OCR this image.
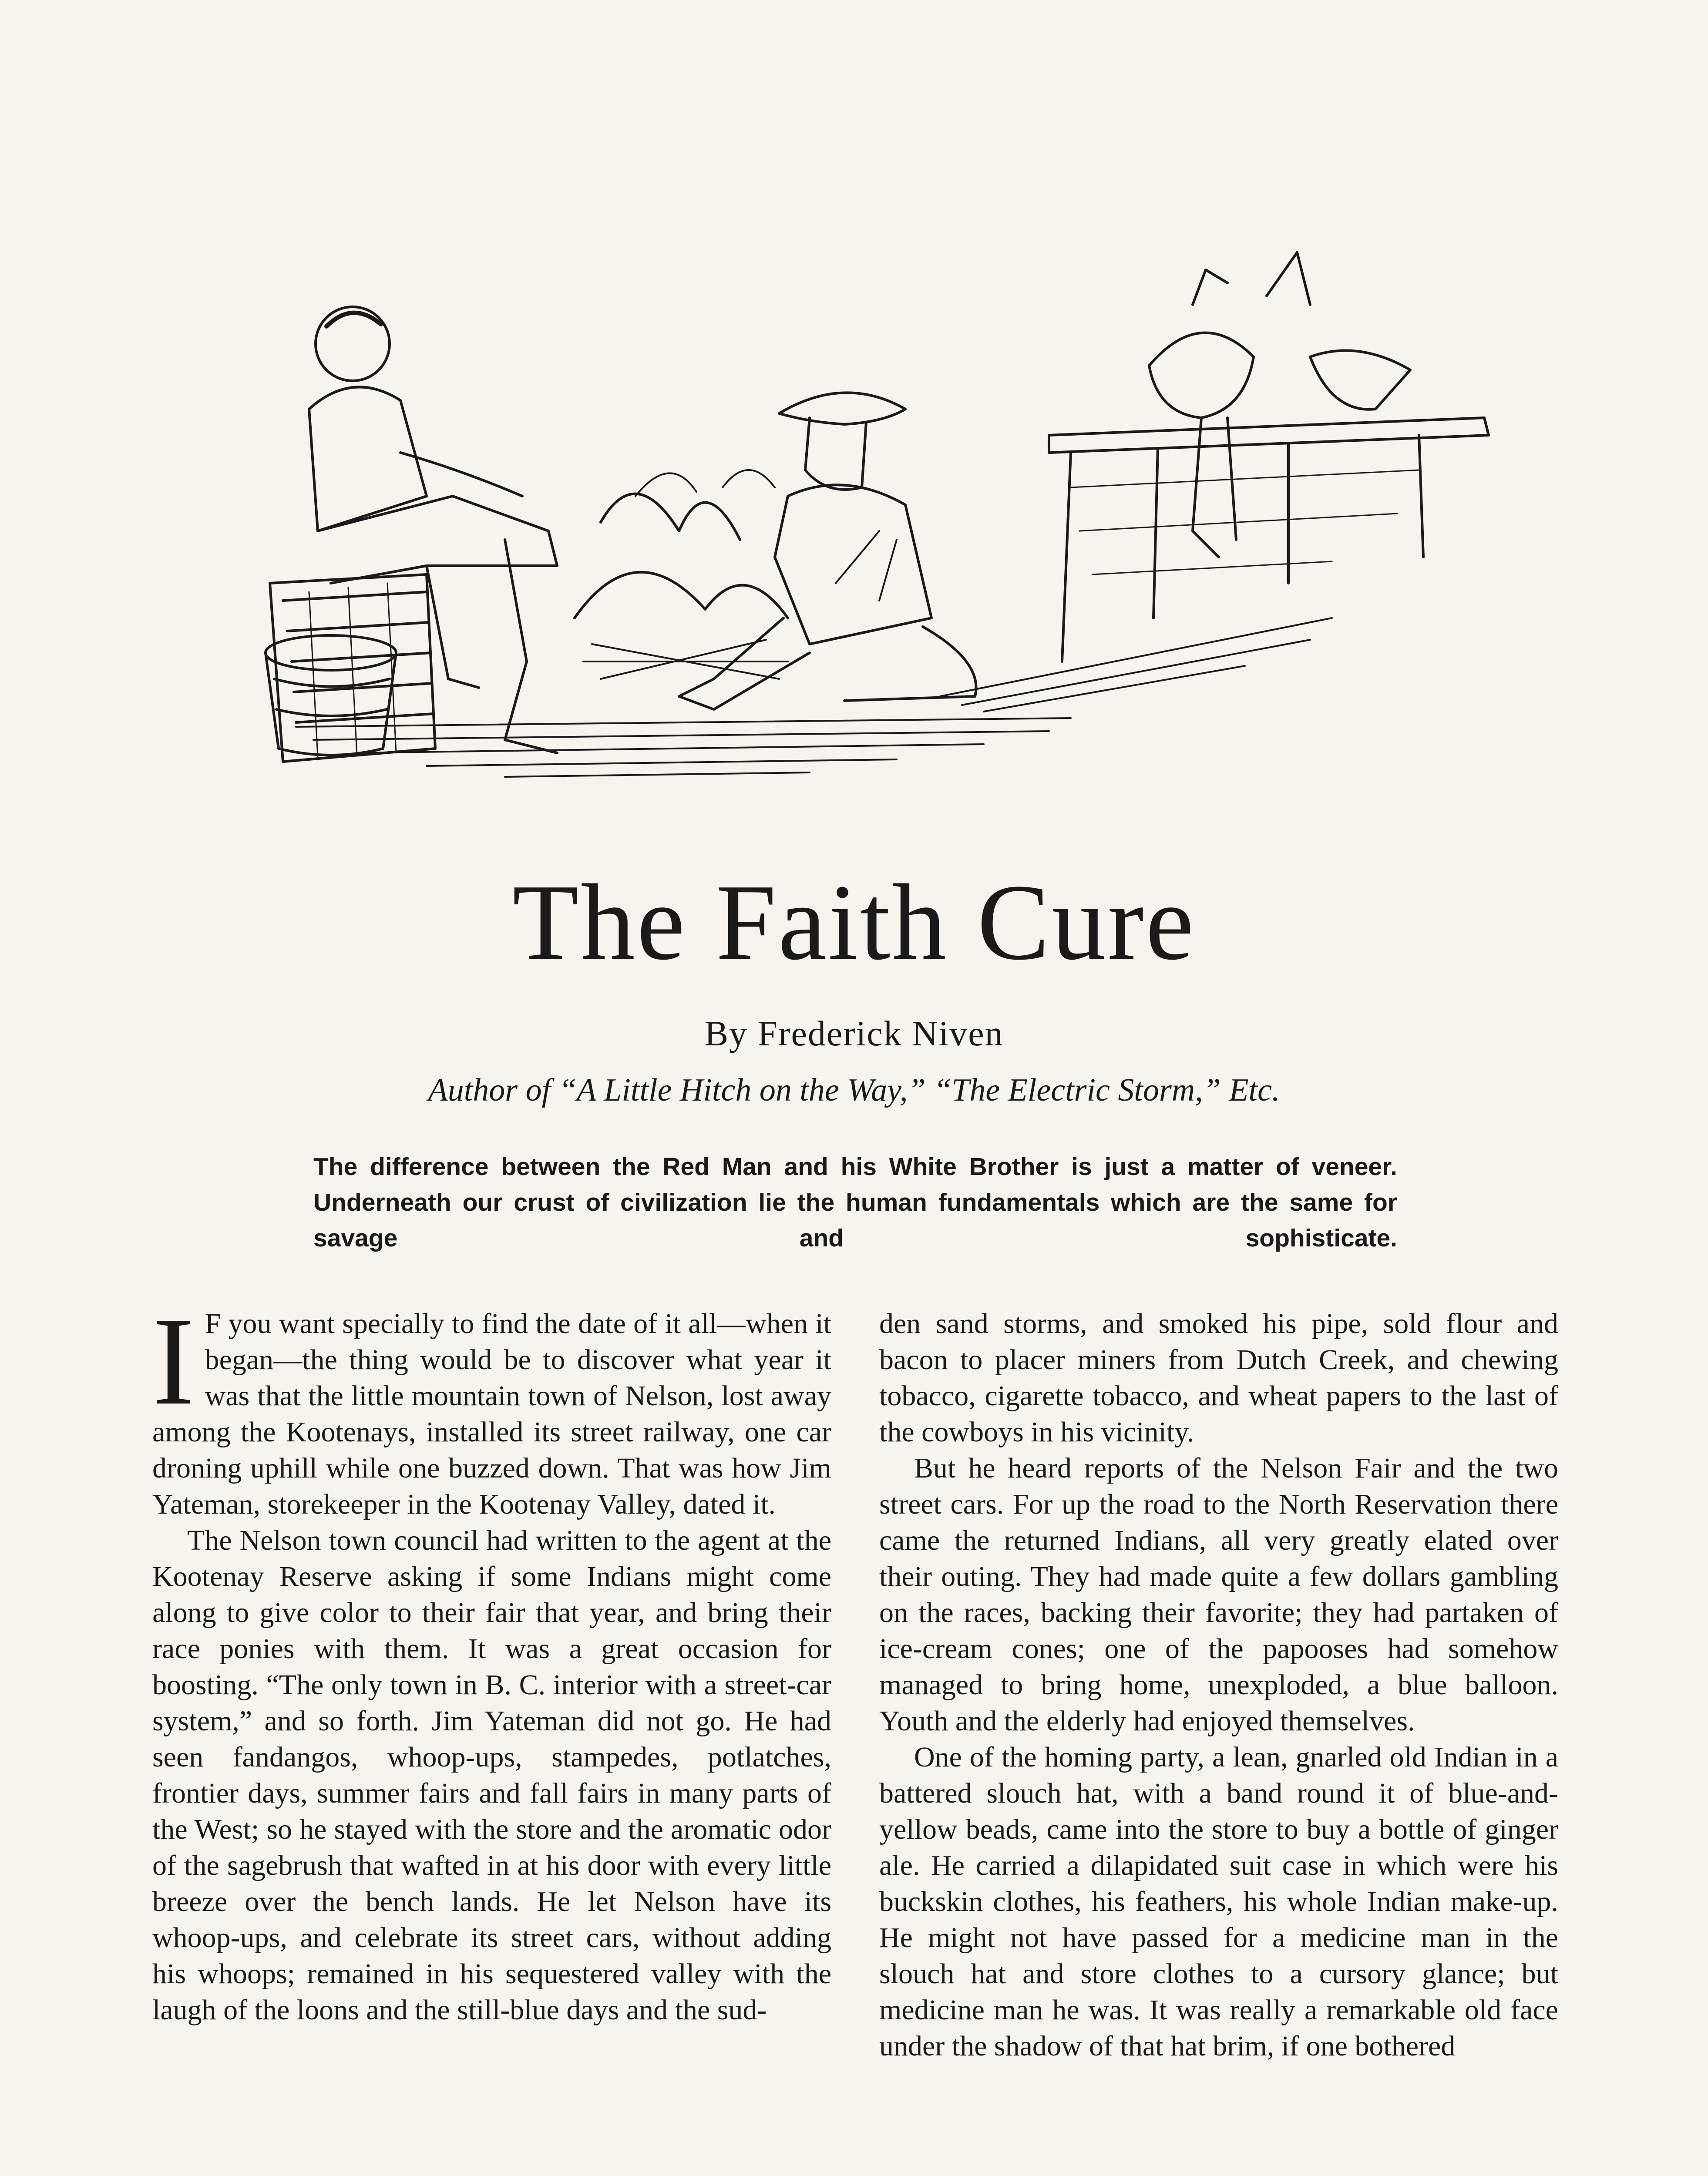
The Faith Cure
By Frederick Niven
Author of “A Little Hitch on the Way,” “The Electric Storm,” Etc.
The difference between the Red Man and his White Brother is just a matter of veneer. Underneath our crust of civilization lie the human fundamentals which are the same for savage and sophisticate.

I F you want specially to find the date of it all—when it began—the thing would be to discover what year it was that the little mountain town of Nelson, lost away among the Kootenays, installed its street railway, one car droning uphill while one buzzed down. That was how Jim Yateman, storekeeper in the Kootenay Valley, dated it.

The Nelson town council had written to the agent at the Kootenay Reserve asking if some Indians might come along to give color to their fair that year, and bring their race ponies with them. It was a great occasion for boosting. “The only town in B. C. interior with a street-car system,” and so forth. Jim Yateman did not go. He had seen fandangos, whoop-ups, stampedes, potlatches, frontier days, summer fairs and fall fairs in many parts of the West; so he stayed with the store and the aromatic odor of the sagebrush that wafted in at his door with every little breeze over the bench lands. He let Nelson have its whoop-ups, and celebrate its street cars, without adding his whoops; remained in his sequestered valley with the laugh of the loons and the still-blue days and the sud-

den sand storms, and smoked his pipe, sold flour and bacon to placer miners from Dutch Creek, and chewing tobacco, cigarette tobacco, and wheat papers to the last of the cowboys in his vicinity.

But he heard reports of the Nelson Fair and the two street cars. For up the road to the North Reservation there came the returned Indians, all very greatly elated over their outing. They had made quite a few dollars gambling on the races, backing their favorite; they had partaken of ice-cream cones; one of the papooses had somehow managed to bring home, unexploded, a blue balloon. Youth and the elderly had enjoyed themselves.

One of the homing party, a lean, gnarled old Indian in a battered slouch hat, with a band round it of blue-and-yellow beads, came into the store to buy a bottle of ginger ale. He carried a dilapidated suit case in which were his buckskin clothes, his feathers, his whole Indian make-up. He might not have passed for a medicine man in the slouch hat and store clothes to a cursory glance; but medicine man he was. It was really a remarkable old face under the shadow of that hat brim, if one bothered
